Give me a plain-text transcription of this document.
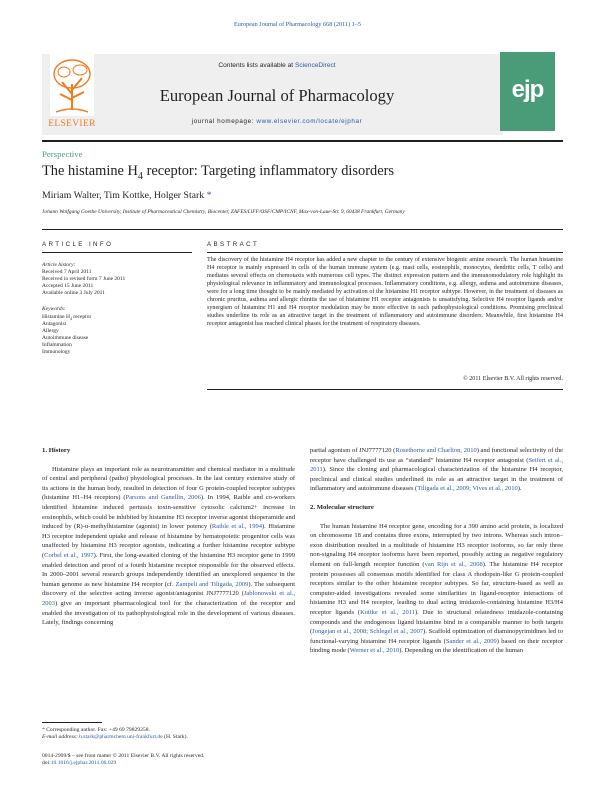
European Journal of Pharmacology 668 (2011) 1–5
ELSEVIER
Contents lists available at ScienceDirect
European Journal of Pharmacology
journal homepage: www.elsevier.com/locate/ejphar
ejp
Perspective
The histamine $H_4$ receptor: Targeting inflammatory disorders
Miriam Walter, Tim Kottke, Holger Stark *
Johann Wolfgang Goethe University, Institute of Pharmaceutical Chemistry, Biocenter, ZAFES/LiFF/OSF/CMP/ICNF, Max-von-Laue-Str. 9, 60438 Frankfurt, Germany
ARTICLE INFO
Article history:
Received 7 April 2011
Received in revised form 7 June 2011
Accepted 15 June 2011
Available online 3 July 2011
Keywords:
Histamine $H_4$ receptor
Antagonist
Allergy
Autoimmune disease
Inflammation
Immunology
ABSTRACT
The discovery of the histamine H4 receptor has added a new chapter to the century of extensive biogenic amine research. The human histamine H4 receptor is mainly expressed in cells of the human immune system (e.g. mast cells, eosinophils, monocytes, dendritic cells, T cells) and mediates several effects on chemotaxis with numerous cell types. The distinct expression pattern and the immunomodulatory role highlight its physiological relevance in inflammatory and immunological processes. Inflammatory conditions, e.g. allergy, asthma and autoimmune diseases, were for a long time thought to be mainly mediated by activation of the histamine H1 receptor subtype. However, in the treatment of diseases as chronic pruritus, asthma and allergic rhinitis the use of histamine H1 receptor antagonists is unsatisfying. Selective H4 receptor ligands and/or synergism of histamine H1 and H4 receptor modulation may be more effective in such pathophysiological conditions. Promising preclinical studies underline its role as an attractive target in the treatment of inflammatory and autoimmune disorders. Meanwhile, first histamine H4 receptor antagonist has reached clinical phases for the treatment of respiratory diseases.
© 2011 Elsevier B.V. All rights reserved.
1. History

Histamine plays an important role as neurotransmitter and chemical mediator in a multitude of central and peripheral (patho) physiological processes. In the last century extensive study of its actions in the human body, resulted in detection of four G protein-coupled receptor subtypes (histamine H1–H4 receptors) (Parsons and Ganellin, 2006). In 1994, Raible and co-workers identified histamine induced pertussis toxin-sensitive cytosolic calcium2+ increase in eosinophils, which could be inhibited by histamine H3 receptor inverse agonist thioperamide and induced by (R)-α-methylhistamine (agonist) in lower potency (Raible et al., 1994). Histamine H3 receptor independent uptake and release of histamine by hematopoietic progenitor cells was unaffected by histamine H3 receptor agonists, indicating a further histamine receptor subtype (Corbel et al., 1997). First, the long-awaited cloning of the histamine H3 receptor gene in 1999 enabled detection and proof of a fourth histamine receptor responsible for the observed effects. In 2000–2001 several research groups independently identified an unexplored sequence in the human genome as new histamine H4 receptor (cf. Zampeli and Tiligada, 2009). The subsequent discovery of the selective acting inverse agonist/antagonist JNJ7777120 (Jablonowski et al., 2003) give an important pharmacological tool for the characterization of the receptor and enabled the investigation of its pathophysiological role in the development of various diseases. Lately, findings concerning

partial agonism of JNJ7777120 (Rosethorne and Charlton, 2010) and functional selectivity of the receptor have challenged its use as “standard” histamine H4 receptor antagonist (Seifert et al., 2011). Since the cloning and pharmacological characterization of the histamine H4 receptor, preclinical and clinical studies underlined its role as an attractive target in the treatment of inflammatory and autoimmune diseases (Tiligada et al., 2009; Vives et al., 2010).

2. Molecular structure

The human histamine H4 receptor gene, encoding for a 390 amino acid protein, is localized on chromosome 18 and contains three exons, interrupted by two introns. Whereas such intron–exon distribution resulted in a multitude of histamine H3 receptor isoforms, so far only three non-signaling H4 receptor isoforms have been reported, possibly acting as negative regulatory element on full-length receptor function (van Rijn et al., 2008). The histamine H4 receptor protein possesses all consensus motifs identified for class A rhodopsin-like G protein-coupled receptors similar to the other histamine receptor subtypes. So far, structure-based as well as computer-aided investigations revealed some similarities in ligand-receptor interactions of histamine H3 and H4 receptor, leading to dual acting imidazole-containing histamine H3/H4 receptor ligands (Kottke et al., 2011). Due to structural relatedness imidazole-containing compounds and the endogenous ligand histamine bind in a comparable manner to both targets (Jongejan et al., 2008; Schlegel et al., 2007). Scaffold optimization of diaminopyrimidines led to functional-varying histamine H4 receptor ligands (Sander et al., 2009) based on their receptor binding mode (Werner et al., 2010). Depending on the identification of the human

* Corresponding author. Fax: +49 69 79829258.
E-mail address: h.stark@pharmchem.uni-frankfurt.de (H. Stark).
0014-2999/$ – see front matter © 2011 Elsevier B.V. All rights reserved.
doi:10.1016/j.ejphar.2011.06.029
